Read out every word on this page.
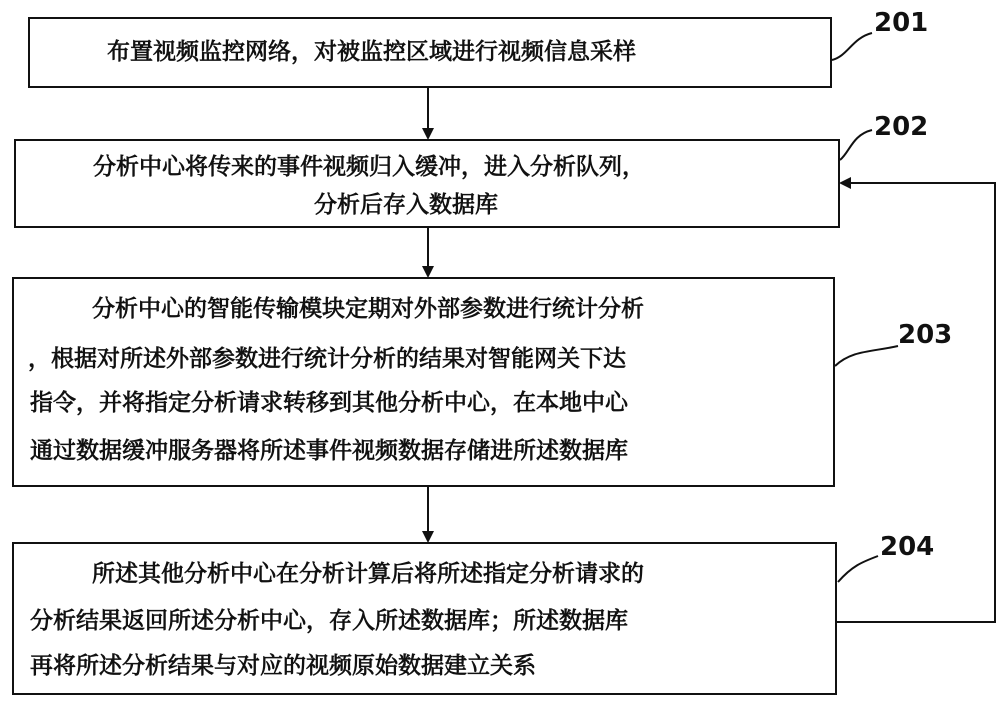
布置视频监控网络，对被监控区域进行视频信息采样
201
分析中心将传来的事件视频归入缓冲，进入分析队列，
分析后存入数据库
202
分析中心的智能传输模块定期对外部参数进行统计分析
，根据对所述外部参数进行统计分析的结果对智能网关下达
指令，并将指定分析请求转移到其他分析中心，在本地中心
通过数据缓冲服务器将所述事件视频数据存储进所述数据库
203
所述其他分析中心在分析计算后将所述指定分析请求的
分析结果返回所述分析中心，存入所述数据库；所述数据库
再将所述分析结果与对应的视频原始数据建立关系
204
